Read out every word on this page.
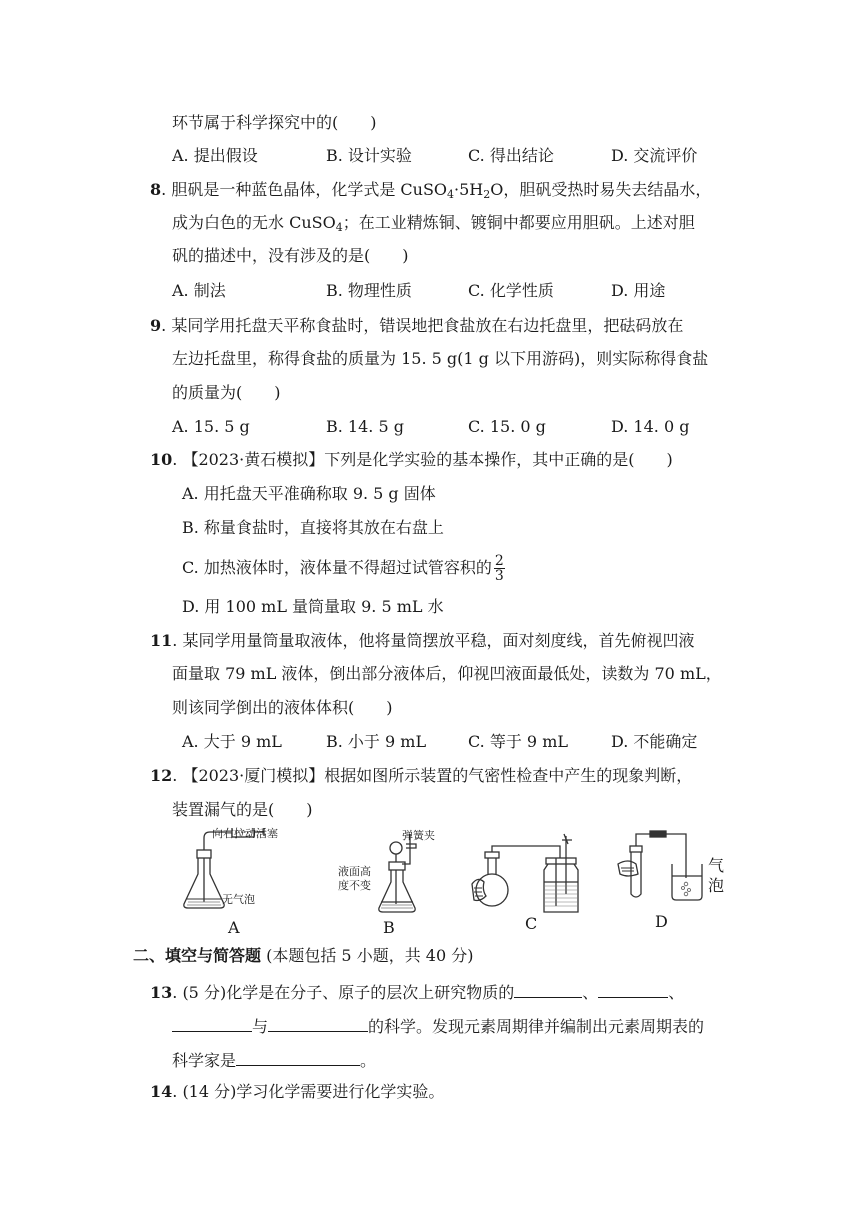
环节属于科学探究中的(　　)
A. 提出假设	B. 设计实验	C. 得出结论	D. 交流评价
8. 胆矾是一种蓝色晶体，化学式是 $CuSO_4\cdot 5H_2O$，胆矾受热时易失去结晶水，
成为白色的无水 CuSO$_4$；在工业精炼铜、镀铜中都要应用胆矾。上述对胆
矾的描述中，没有涉及的是(　　)
A. 制法	B. 物理性质	C. 化学性质	D. 用途
9. 某同学用托盘天平称食盐时，错误地把食盐放在右边托盘里，把砝码放在
左边托盘里，称得食盐的质量为 15. 5 g(1 g 以下用游码)，则实际称得食盐
的质量为(　　)
A. 15. 5 g	B. 14. 5 g	C. 15. 0 g	D. 14. 0 g
10. 【2023·黄石模拟】下列是化学实验的基本操作，其中正确的是(　　)
A. 用托盘天平准确称取 9. 5 g 固体
B. 称量食盐时，直接将其放在右盘上
C. 加热液体时，液体量不得超过试管容积的 $\frac{2}{3}$
D. 用 100 mL 量筒量取 9. 5 mL 水
11. 某同学用量筒量取液体，他将量筒摆放平稳，面对刻度线，首先俯视凹液
面量取 79 mL 液体，倒出部分液体后，仰视凹液面最低处，读数为 70 mL，
则该同学倒出的液体体积(　　)
A. 大于 9 mL	B. 小于 9 mL	C. 等于 9 mL	D. 不能确定
12. 【2023·厦门模拟】根据如图所示装置的气密性检查中产生的现象判断，
装置漏气的是(　　)
向右拉动活塞
无气泡
A
弹簧夹
液面高
度不变
B	C
气
泡
D
二、填空与简答题 (本题包括 5 小题，共 40 分)
13. (5 分)化学是在分子、原子的层次上研究物质的	、	、
与	的科学。发现元素周期律并编制出元素周期表的
科学家是	。
14. (14 分)学习化学需要进行化学实验。
